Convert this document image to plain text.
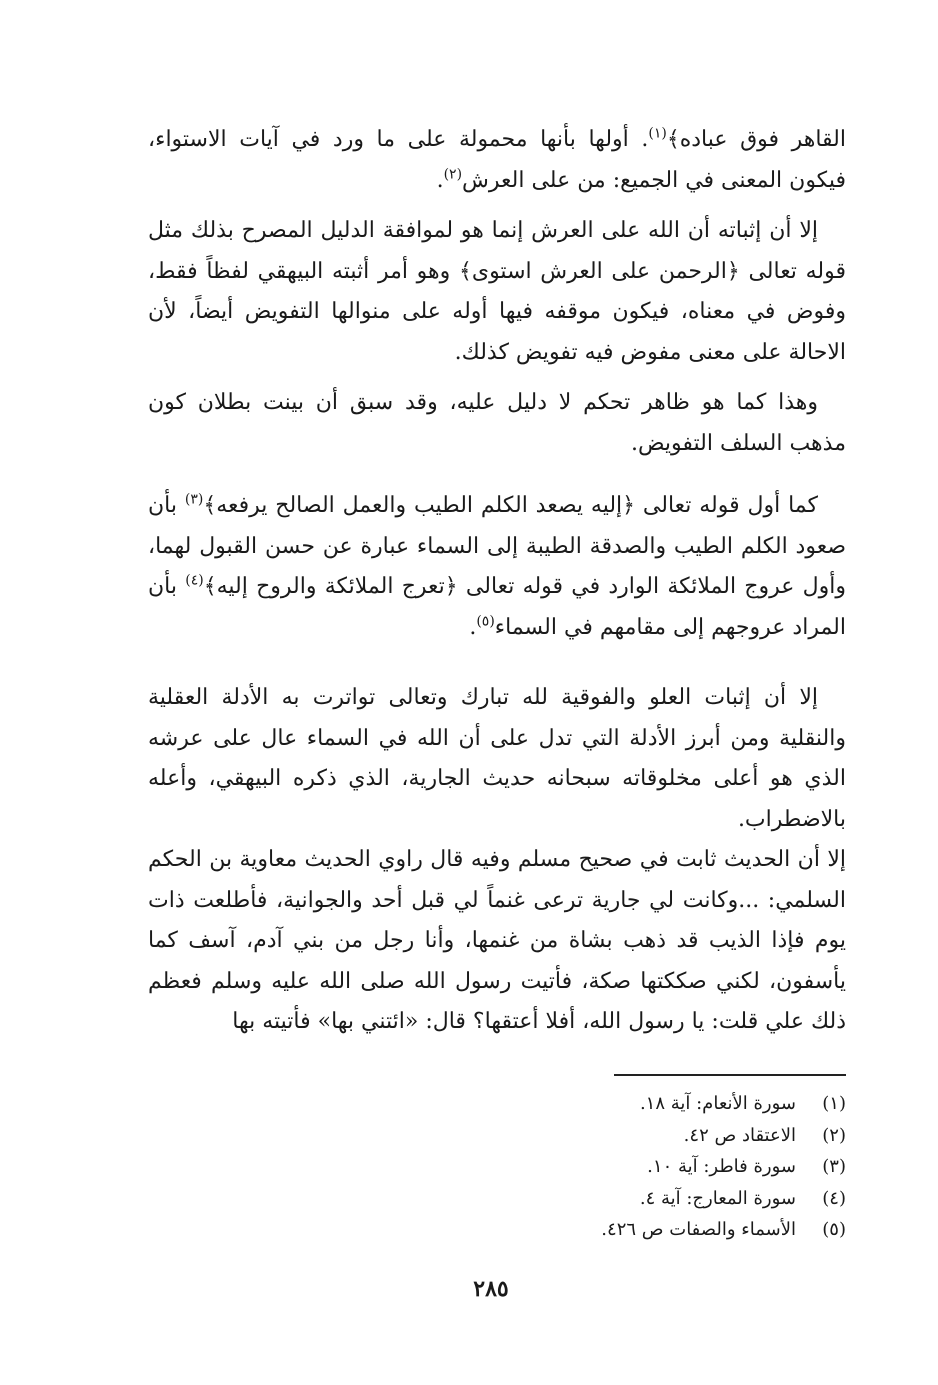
القاهر فوق عباده﴾$^{(١)}$. أولها بأنها محمولة على ما ورد في آيات الاستواء، فيكون المعنى في الجميع: من على العرش$^{(٢)}$.

إلا أن إثباته أن الله على العرش إنما هو لموافقة الدليل المصرح بذلك مثل قوله تعالى ﴿الرحمن على العرش استوى﴾ وهو أمر أثبته البيهقي لفظاً فقط، وفوض في معناه، فيكون موقفه فيها أوله على منوالها التفويض أيضاً، لأن الاحالة على معنى مفوض فيه تفويض كذلك.

وهذا كما هو ظاهر تحكم لا دليل عليه، وقد سبق أن بينت بطلان كون مذهب السلف التفويض.

كما أول قوله تعالى ﴿إليه يصعد الكلم الطيب والعمل الصالح يرفعه﴾$^{(٣)}$ بأن صعود الكلم الطيب والصدقة الطيبة إلى السماء عبارة عن حسن القبول لهما، وأول عروج الملائكة الوارد في قوله تعالى ﴿تعرج الملائكة والروح إليه﴾$^{(٤)}$ بأن المراد عروجهم إلى مقامهم في السماء$^{(٥)}$.

إلا أن إثبات العلو والفوقية لله تبارك وتعالى تواترت به الأدلة العقلية والنقلية ومن أبرز الأدلة التي تدل على أن الله في السماء عال على عرشه الذي هو أعلى مخلوقاته سبحانه حديث الجارية، الذي ذكره البيهقي، وأعله بالاضطراب.

إلا أن الحديث ثابت في صحيح مسلم وفيه قال راوي الحديث معاوية بن الحكم السلمي: ...وكانت لي جارية ترعى غنماً لي قبل أحد والجوانية، فأطلعت ذات يوم فإذا الذيب قد ذهب بشاة من غنمها، وأنا رجل من بني آدم، آسف كما يأسفون، لكني صككتها صكة، فأتيت رسول الله صلى الله عليه وسلم فعظم ذلك علي قلت: يا رسول الله، أفلا أعتقها؟ قال: «ائتني بها» فأتيته بها

(١)
سورة الأنعام: آية ١٨.
(٢)
الاعتقاد ص ٤٢.
(٣)
سورة فاطر: آية ١٠.
(٤)
سورة المعارج: آية ٤.
(٥)
الأسماء والصفات ص ٤٢٦.
٢٨٥
